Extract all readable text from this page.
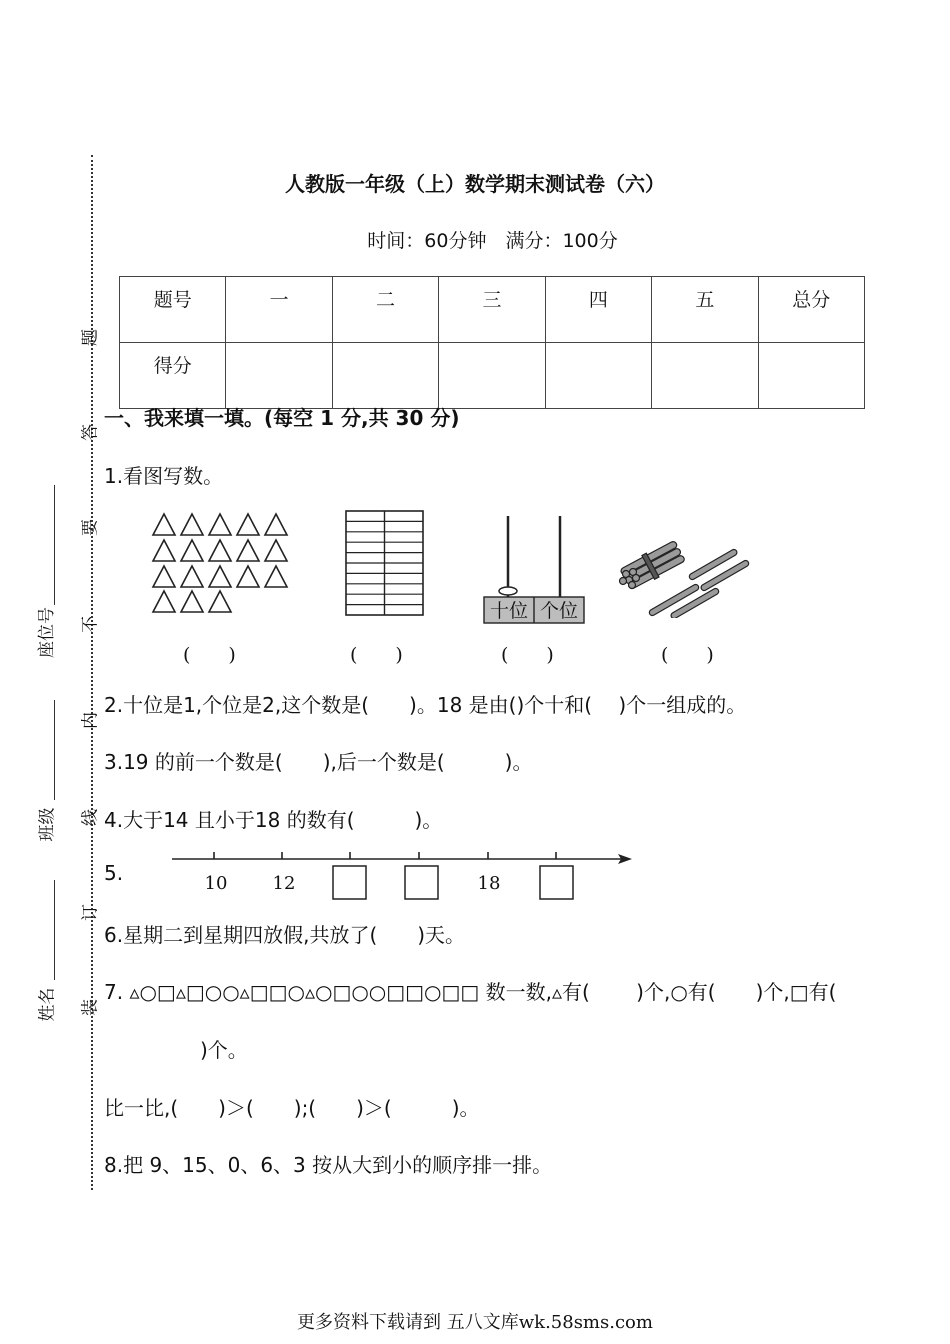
题
答
要
不
内
线
订
装
座位号
班级
姓名
人教版一年级（上）数学期末测试卷（六）
时间：60分钟　满分：100分
题号	一	二	三	四	五	总分
得分						
一、我来填一填。(每空 1 分,共 30 分)
1.看图写数。
十位 个位
(　　)	(　　)	(　　)	(　　)
2.十位是1,个位是2,这个数是(　　)。18 是由()个十和(　 )个一组成的。
3.19 的前一个数是(　　),后一个数是(　　　)。
4.大于14 且小于18 的数有(　　　)。
5.	10	12	18
6.星期二到星期四放假,共放了(　　)天。
7. ▵○□▵□○○▵□□○▵○□○○□□○□□ 数一数,▵有(　　 )个,○有(　　)个,□有(
)个。
比一比,(　　)＞(　　);(　　)＞(　　　)。
8.把 9、15、0、6、3 按从大到小的顺序排一排。
更多资料下载请到 五八文库wk.58sms.com
